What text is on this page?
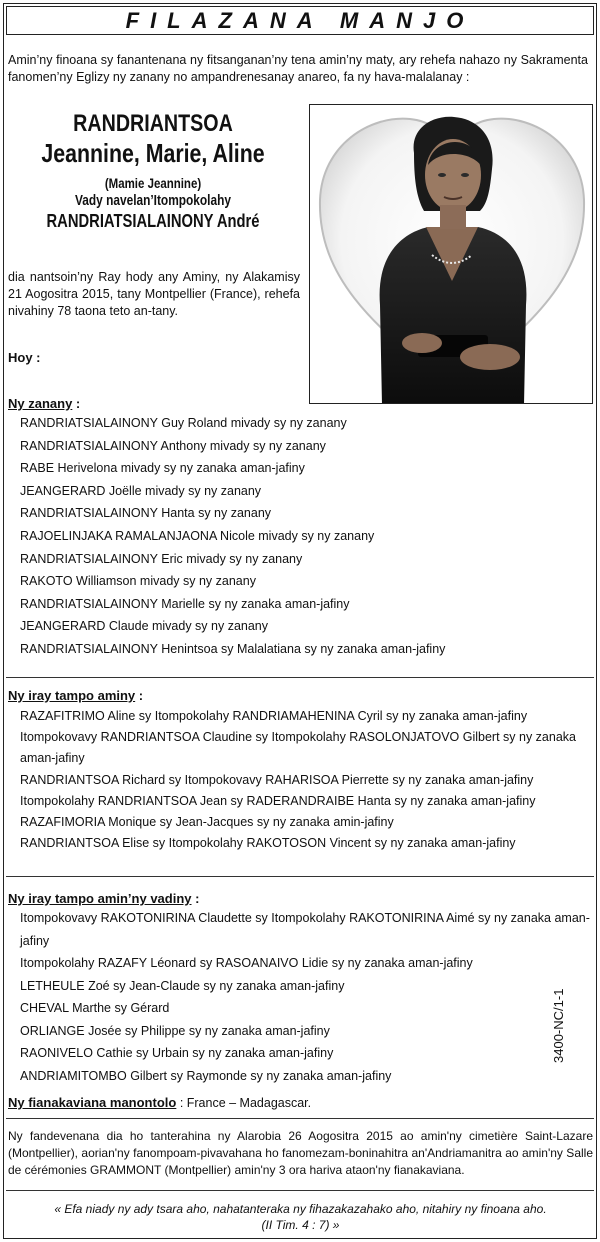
FILAZANA MANJO
Amin’ny finoana sy fanantenana ny fitsanganan’ny tena amin’ny maty, ary rehefa nahazo ny Sakramenta fanomen’ny Eglizy ny zanany no ampandrenesanay anareo, fa ny hava-malalanay :
RANDRIANTSOA
Jeannine, Marie, Aline
(Mamie Jeannine)
Vady navelan’Itompokolahy
RANDRIATSIALAINONY André
dia nantsoin’ny Ray hody any Aminy, ny Alakamisy 21 Aogositra 2015, tany Montpellier (France), rehefa nivahiny 78 taona teto an-tany.
Hoy :
Ny zanany :
RANDRIATSIALAINONY Guy Roland mivady sy ny zanany
RANDRIATSIALAINONY Anthony mivady sy ny zanany
RABE Herivelona mivady sy ny zanaka aman-jafiny
JEANGERARD Joëlle mivady sy ny zanany
RANDRIATSIALAINONY Hanta sy ny zanany
RAJOELINJAKA RAMALANJAONA Nicole mivady sy ny zanany
RANDRIATSIALAINONY Eric mivady sy ny zanany
RAKOTO Williamson mivady sy ny zanany
RANDRIATSIALAINONY Marielle sy ny zanaka aman-jafiny
JEANGERARD Claude mivady sy ny zanany
RANDRIATSIALAINONY Henintsoa sy Malalatiana sy ny zanaka aman-jafiny
Ny iray tampo aminy :
RAZAFITRIMO Aline sy Itompokolahy RANDRIAMAHENINA Cyril sy ny zanaka aman-jafiny
Itompokovavy RANDRIANTSOA Claudine sy Itompokolahy RASOLONJATOVO Gilbert sy ny zanaka aman-jafiny
RANDRIANTSOA Richard sy Itompokovavy RAHARISOA Pierrette sy ny zanaka aman-jafiny
Itompokolahy RANDRIANTSOA Jean sy RADERANDRAIBE Hanta sy ny zanaka aman-jafiny
RAZAFIMORIA Monique sy Jean-Jacques sy ny zanaka amin-jafiny
RANDRIANTSOA Elise sy Itompokolahy RAKOTOSON Vincent sy ny zanaka aman-jafiny
Ny iray tampo amin’ny vadiny :
Itompokovavy RAKOTONIRINA Claudette sy Itompokolahy RAKOTONIRINA Aimé sy ny zanaka aman-jafiny
Itompokolahy RAZAFY Léonard sy RASOANAIVO Lidie sy ny zanaka aman-jafiny
LETHEULE Zoé sy Jean-Claude sy ny zanaka aman-jafiny
CHEVAL Marthe sy Gérard
ORLIANGE Josée sy Philippe sy ny zanaka aman-jafiny
RAONIVELO Cathie sy Urbain sy ny zanaka aman-jafiny
ANDRIAMITOMBO Gilbert sy Raymonde sy ny zanaka aman-jafiny
Ny fianakaviana manontolo : France – Madagascar.
Ny fandevenana dia ho tanterahina ny Alarobia 26 Aogositra 2015 ao amin'ny cimetière Saint-Lazare (Montpellier), aorian'ny fanompoam-pivavahana ho fanomezam-boninahitra an'Andriamanitra ao amin'ny Salle de cérémonies GRAMMONT (Montpellier) amin'ny 3 ora hariva ataon'ny fianakaviana.
« Efa niady ny ady tsara aho, nahatanteraka ny fihazakazahako aho, nitahiry ny finoana aho.
(II Tim. 4 : 7) »
3400-NC/1-1
